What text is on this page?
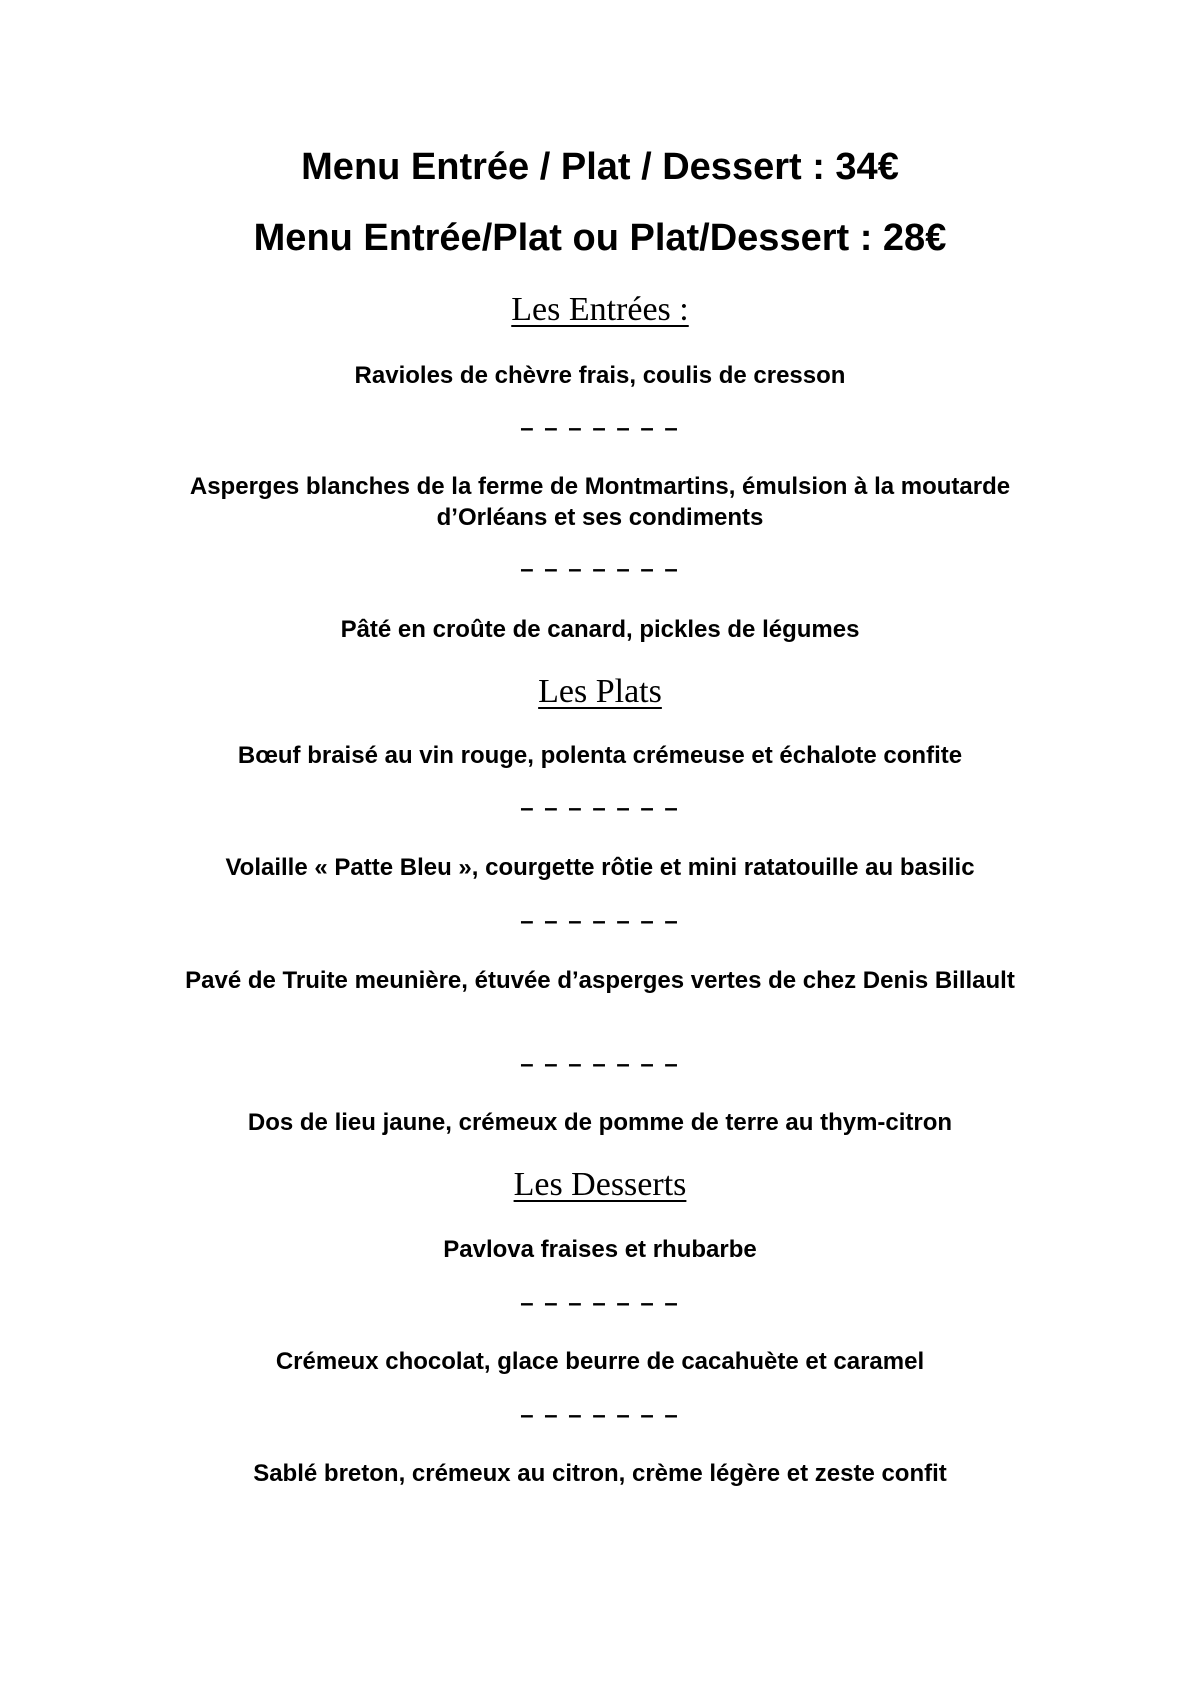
Menu Entrée / Plat / Dessert : 34€
Menu Entrée/Plat ou Plat/Dessert : 28€
Les Entrées :
Ravioles de chèvre frais, coulis de cresson
– – – – – – –
Asperges blanches de la ferme de Montmartins, émulsion à la moutarde d’Orléans et ses condiments
– – – – – – –
Pâté en croûte de canard, pickles de légumes
Les Plats
Bœuf braisé au vin rouge, polenta crémeuse et échalote confite
– – – – – – –
Volaille « Patte Bleu », courgette rôtie et mini ratatouille au basilic
– – – – – – –
Pavé de Truite meunière, étuvée d’asperges vertes de chez Denis Billault
– – – – – – –
Dos de lieu jaune, crémeux de pomme de terre au thym-citron
Les Desserts
Pavlova fraises et rhubarbe
– – – – – – –
Crémeux chocolat, glace beurre de cacahuète et caramel
– – – – – – –
Sablé breton, crémeux au citron, crème légère et zeste confit
